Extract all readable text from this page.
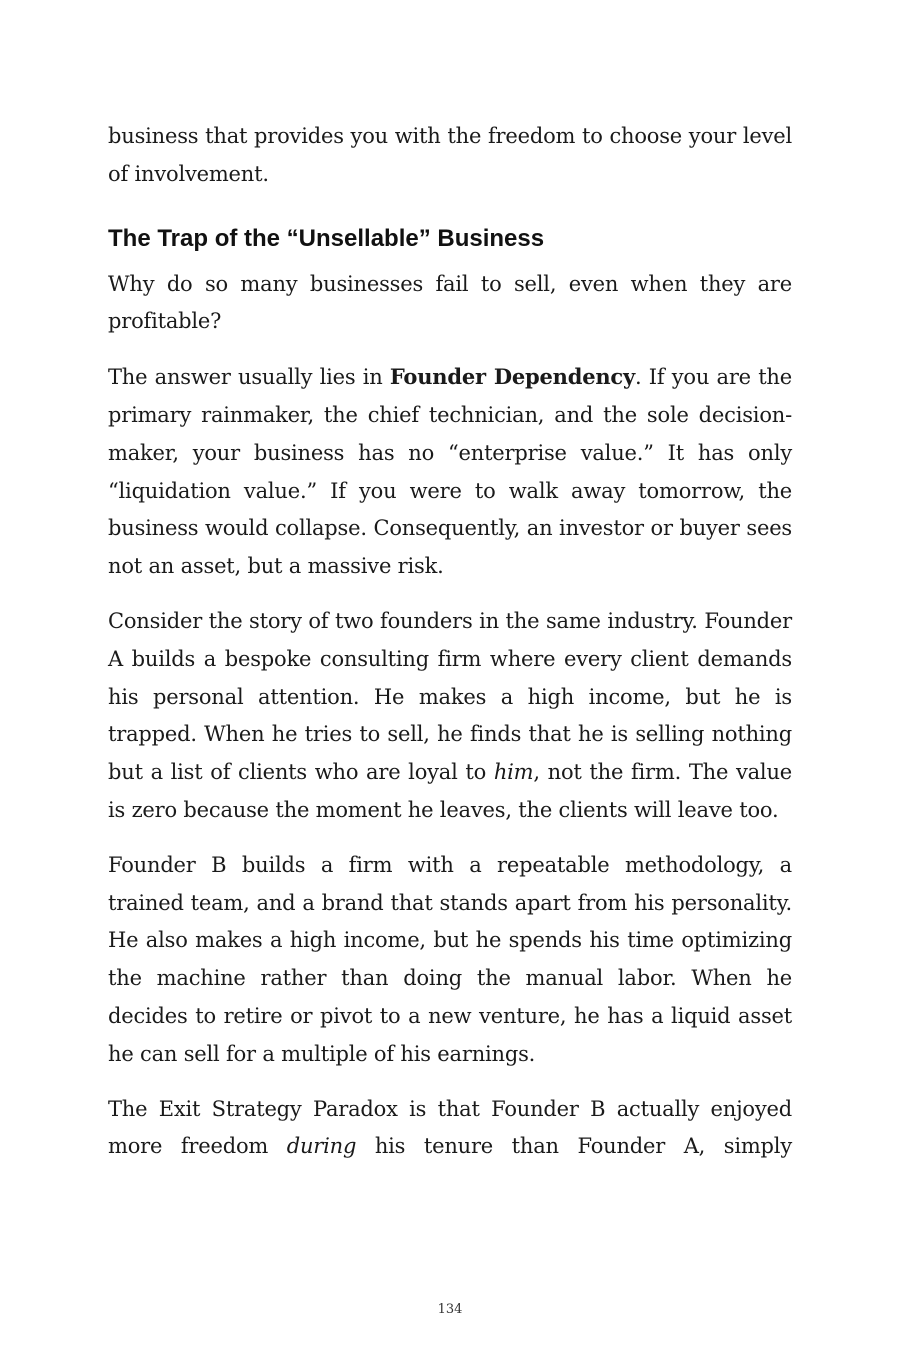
business that provides you with the freedom to choose your level of involvement.

The Trap of the “Unsellable” Business

Why do so many businesses fail to sell, even when they are profitable?

The answer usually lies in Founder Dependency. If you are the primary rainmaker, the chief technician, and the sole decision-maker, your business has no “enterprise value.” It has only “liquidation value.” If you were to walk away tomorrow, the business would collapse. Consequently, an investor or buyer sees not an asset, but a massive risk.

Consider the story of two founders in the same industry. Founder A builds a bespoke consulting firm where every client demands his personal attention. He makes a high income, but he is trapped. When he tries to sell, he finds that he is selling nothing but a list of clients who are loyal to him, not the firm. The value is zero because the moment he leaves, the clients will leave too.

Founder B builds a firm with a repeatable methodology, a trained team, and a brand that stands apart from his personality. He also makes a high income, but he spends his time optimizing the machine rather than doing the manual labor. When he decides to retire or pivot to a new venture, he has a liquid asset he can sell for a multiple of his earnings.

The Exit Strategy Paradox is that Founder B actually enjoyed more freedom during his tenure than Founder A, simply

134
